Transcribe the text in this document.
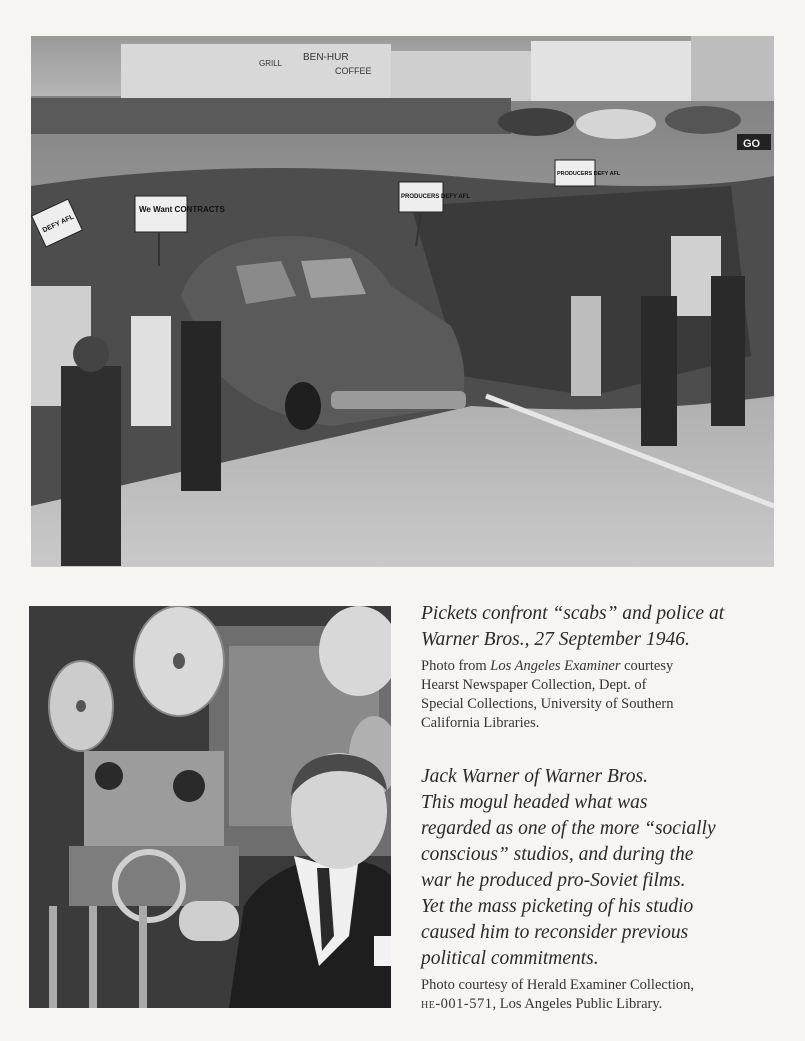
BEN-HUR
COFFEE
GRILL
GO
We Want CONTRACTS
PRODUCERS DEFY AFL
PRODUCERS DEFY AFL
DEFY AFL

Pickets confront “scabs” and police at
Warner Bros., 27 September 1946.

Photo from Los Angeles Examiner courtesy
Hearst Newspaper Collection, Dept. of
Special Collections, University of Southern
California Libraries.

Jack Warner of Warner Bros.
This mogul headed what was
regarded as one of the more “socially
conscious” studios, and during the
war he produced pro-Soviet films.
Yet the mass picketing of his studio
caused him to reconsider previous
political commitments.

Photo courtesy of Herald Examiner Collection,
he-001-571, Los Angeles Public Library.
